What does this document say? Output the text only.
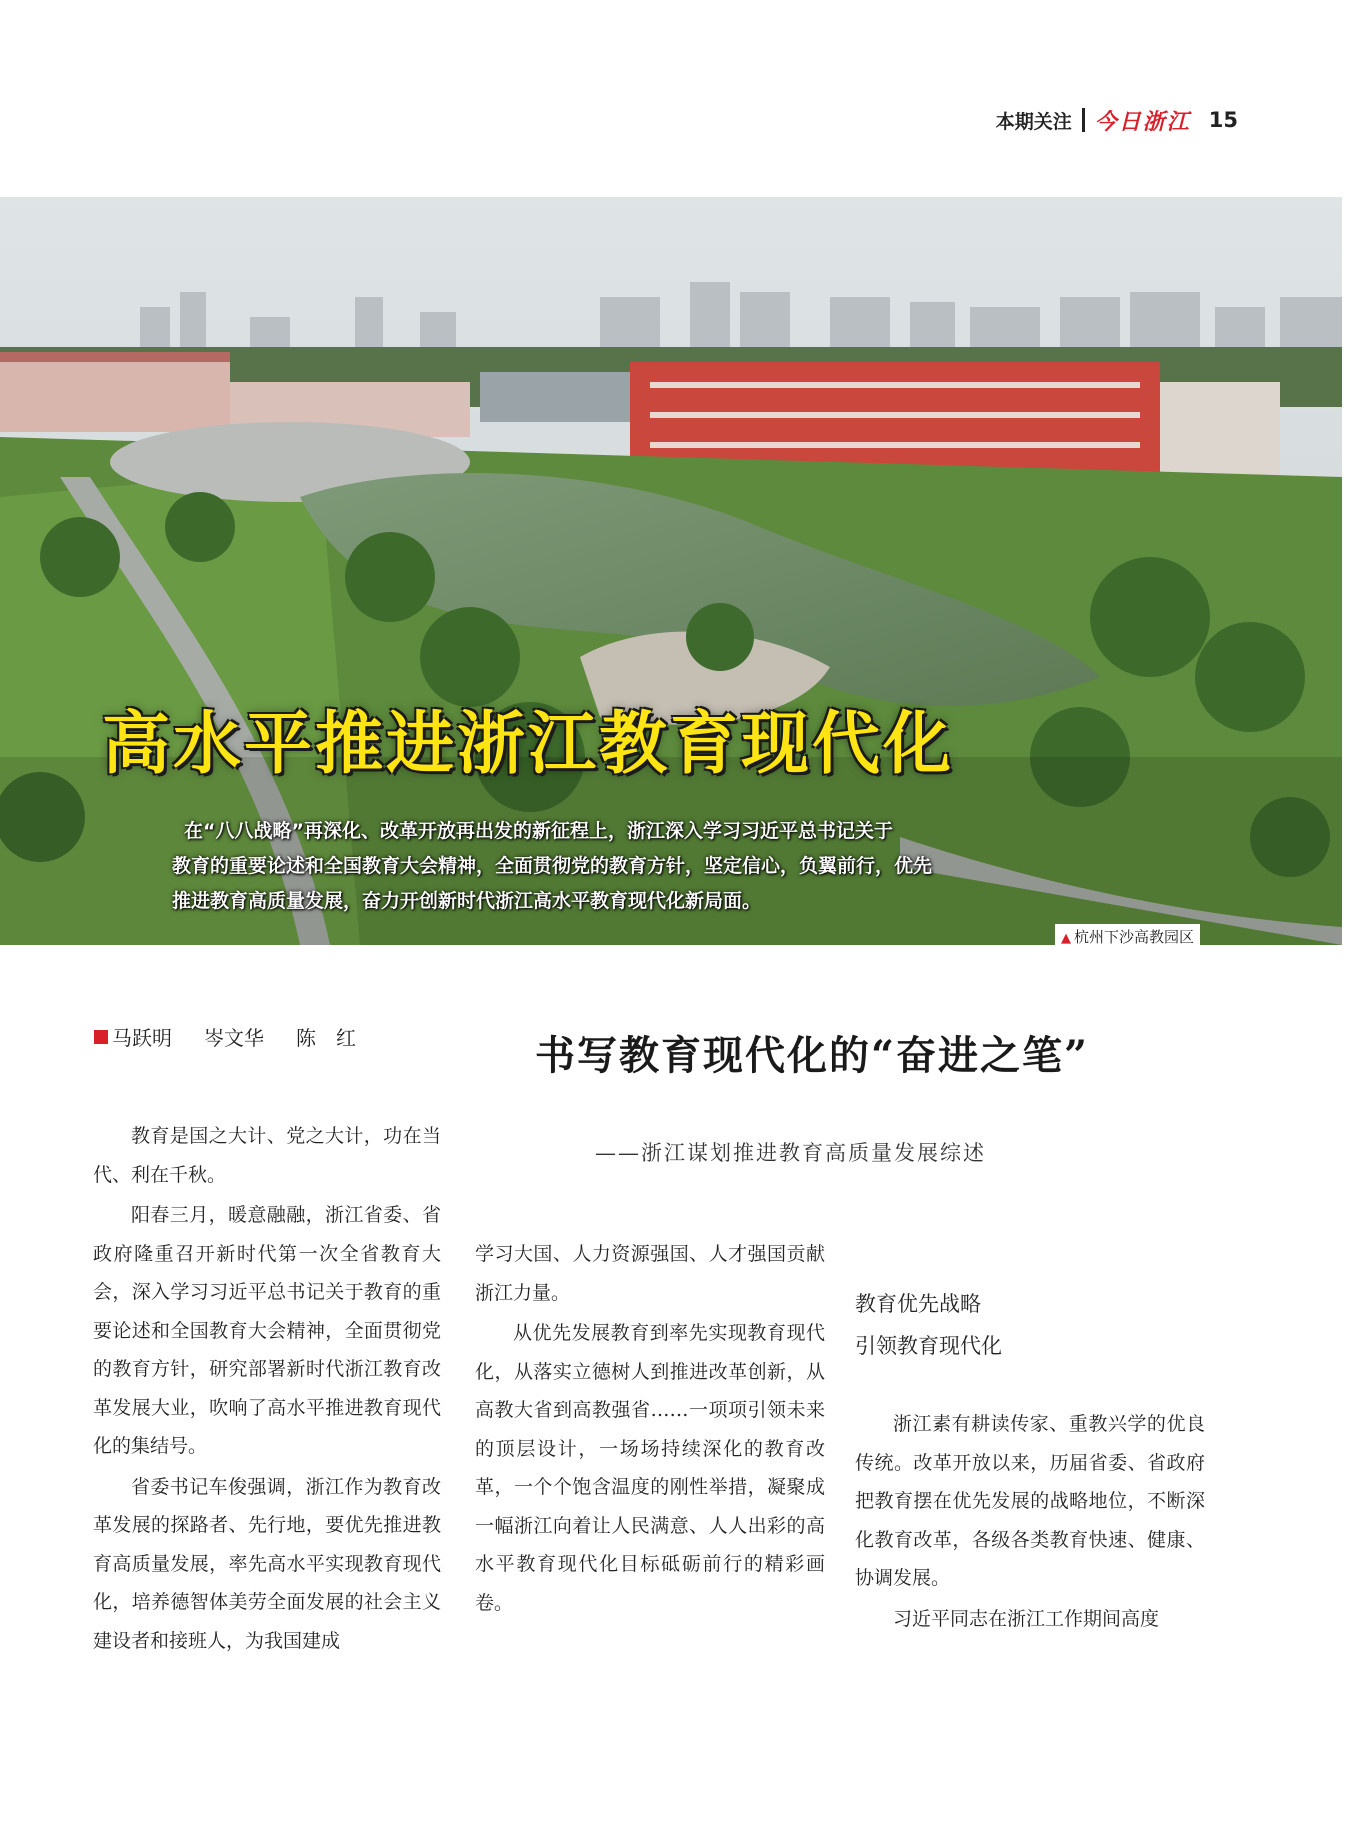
本期关注 今日浙江 15
高水平推进浙江教育现代化
在“八八战略”再深化、改革开放再出发的新征程上，浙江深入学习习近平总书记关于
教育的重要论述和全国教育大会精神，全面贯彻党的教育方针，坚定信心，负翼前行，优先
推进教育高质量发展，奋力开创新时代浙江高水平教育现代化新局面。
▲ 杭州下沙高教园区
马跃明 岑文华 陈　红	书写教育现代化的“奋进之笔”
——浙江谋划推进教育高质量发展综述

教育是国之大计、党之大计，功在当代、利在千秋。

阳春三月，暖意融融，浙江省委、省政府隆重召开新时代第一次全省教育大会，深入学习习近平总书记关于教育的重要论述和全国教育大会精神，全面贯彻党的教育方针，研究部署新时代浙江教育改革发展大业，吹响了高水平推进教育现代化的集结号。

省委书记车俊强调，浙江作为教育改革发展的探路者、先行地，要优先推进教育高质量发展，率先高水平实现教育现代化，培养德智体美劳全面发展的社会主义建设者和接班人，为我国建成

学习大国、人力资源强国、人才强国贡献浙江力量。

从优先发展教育到率先实现教育现代化，从落实立德树人到推进改革创新，从高教大省到高教强省……一项项引领未来的顶层设计，一场场持续深化的教育改革，一个个饱含温度的刚性举措，凝聚成一幅浙江向着让人民满意、人人出彩的高水平教育现代化目标砥砺前行的精彩画卷。

教育优先战略
引领教育现代化

浙江素有耕读传家、重教兴学的优良传统。改革开放以来，历届省委、省政府把教育摆在优先发展的战略地位，不断深化教育改革，各级各类教育快速、健康、协调发展。

习近平同志在浙江工作期间高度
